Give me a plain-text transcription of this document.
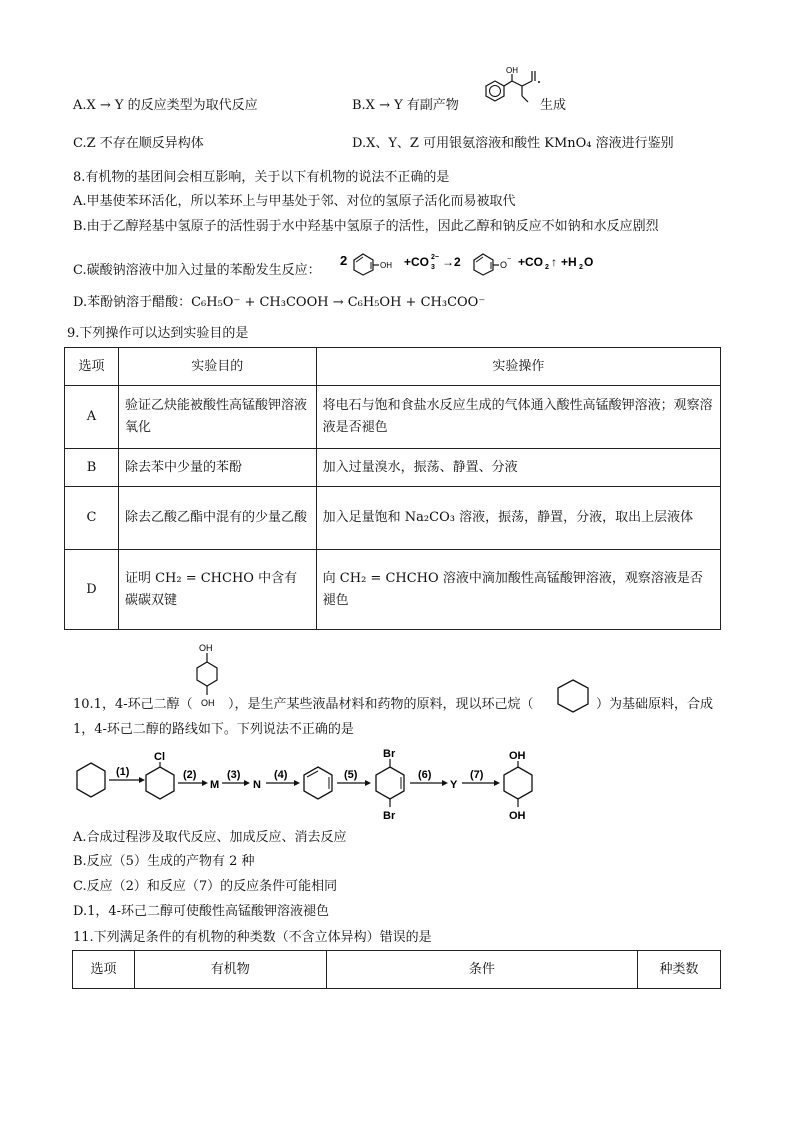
A.X → Y 的反应类型为取代反应	B.X → Y 有副产物
OH
生成
C.Z 不存在顺反异构体	D.X、Y、Z 可用银氨溶液和酸性 KMnO₄ 溶液进行鉴别
8.有机物的基团间会相互影响，关于以下有机物的说法不正确的是
A.甲基使苯环活化，所以苯环上与甲基处于邻、对位的氢原子活化而易被取代
B.由于乙醇羟基中氢原子的活性弱于水中羟基中氢原子的活性，因此乙醇和钠反应不如钠和水反应剧烈
C.碳酸钠溶液中加入过量的苯酚发生反应：
2	OH +CO 3
2− →2	O
− +CO 2 ↑ +H 2 O
D.苯酚钠溶于醋酸：C₆H₅O⁻ + CH₃COOH → C₆H₅OH + CH₃COO⁻
9.下列操作可以达到实验目的是
选项	实验目的	实验操作
A	验证乙炔能被酸性高锰酸钾溶液氧化	将电石与饱和食盐水反应生成的气体通入酸性高锰酸钾溶液；观察溶液是否褪色
B	除去苯中少量的苯酚	加入过量溴水，振荡、静置、分液
C	除去乙酸乙酯中混有的少量乙酸	加入足量饱和 Na₂CO₃ 溶液，振荡，静置，分液，取出上层液体
D	证明 CH₂ = CHCHO 中含有碳碳双键	向 CH₂ = CHCHO 溶液中滴加酸性高锰酸钾溶液，观察溶液是否褪色
10.1，4-环己二醇（
OH
OH ），是生产某些液晶材料和药物的原料，现以环己烷（	）为基础原料，合成
1，4-环己二醇的路线如下。下列说法不正确的是
(1)
Cl
(2)
M
(3)
N
(4)	(5)
Br
Br
(6)
Y
(7)
OH
OH
A.合成过程涉及取代反应、加成反应、消去反应
B.反应（5）生成的产物有 2 种
C.反应（2）和反应（7）的反应条件可能相同
D.1，4-环己二醇可使酸性高锰酸钾溶液褪色
11.下列满足条件的有机物的种类数（不含立体异构）错误的是
选项	有机物	条件	种类数
